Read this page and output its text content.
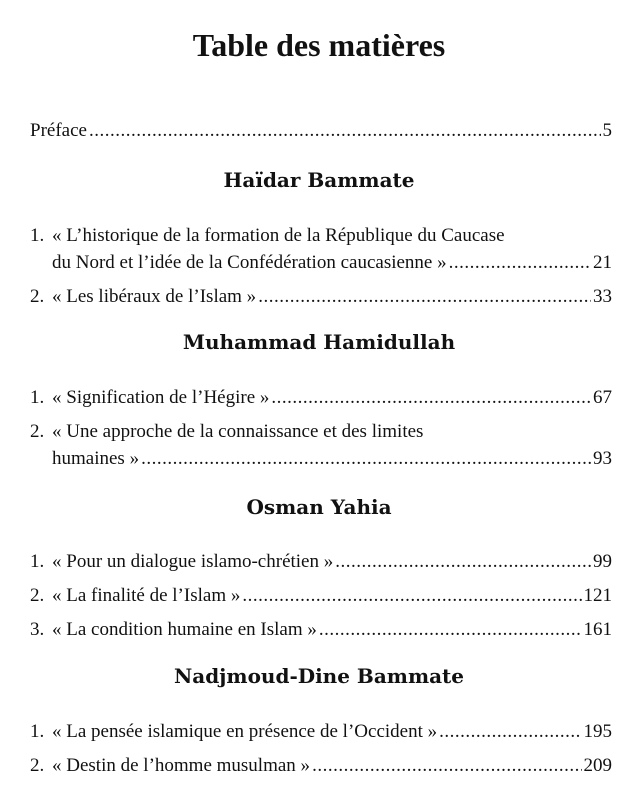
Table des matières
Préface .....	5
Haïdar Bammate
1. « L’historique de la formation de la République du Caucase
du Nord et l’idée de la Confédération caucasienne » .....	21
2. « Les libéraux de l’Islam » .....	33
Muhammad Hamidullah
1. « Signification de l’Hégire » .....	67
2. « Une approche de la connaissance et des limites
humaines » .....	93
Osman Yahia
1. « Pour un dialogue islamo-chrétien » .....	99
2. « La finalité de l’Islam » .....	121
3. « La condition humaine en Islam » .....	161
Nadjmoud-Dine Bammate
1. « La pensée islamique en présence de l’Occident » .....	195
2. « Destin de l’homme musulman » .....	209
